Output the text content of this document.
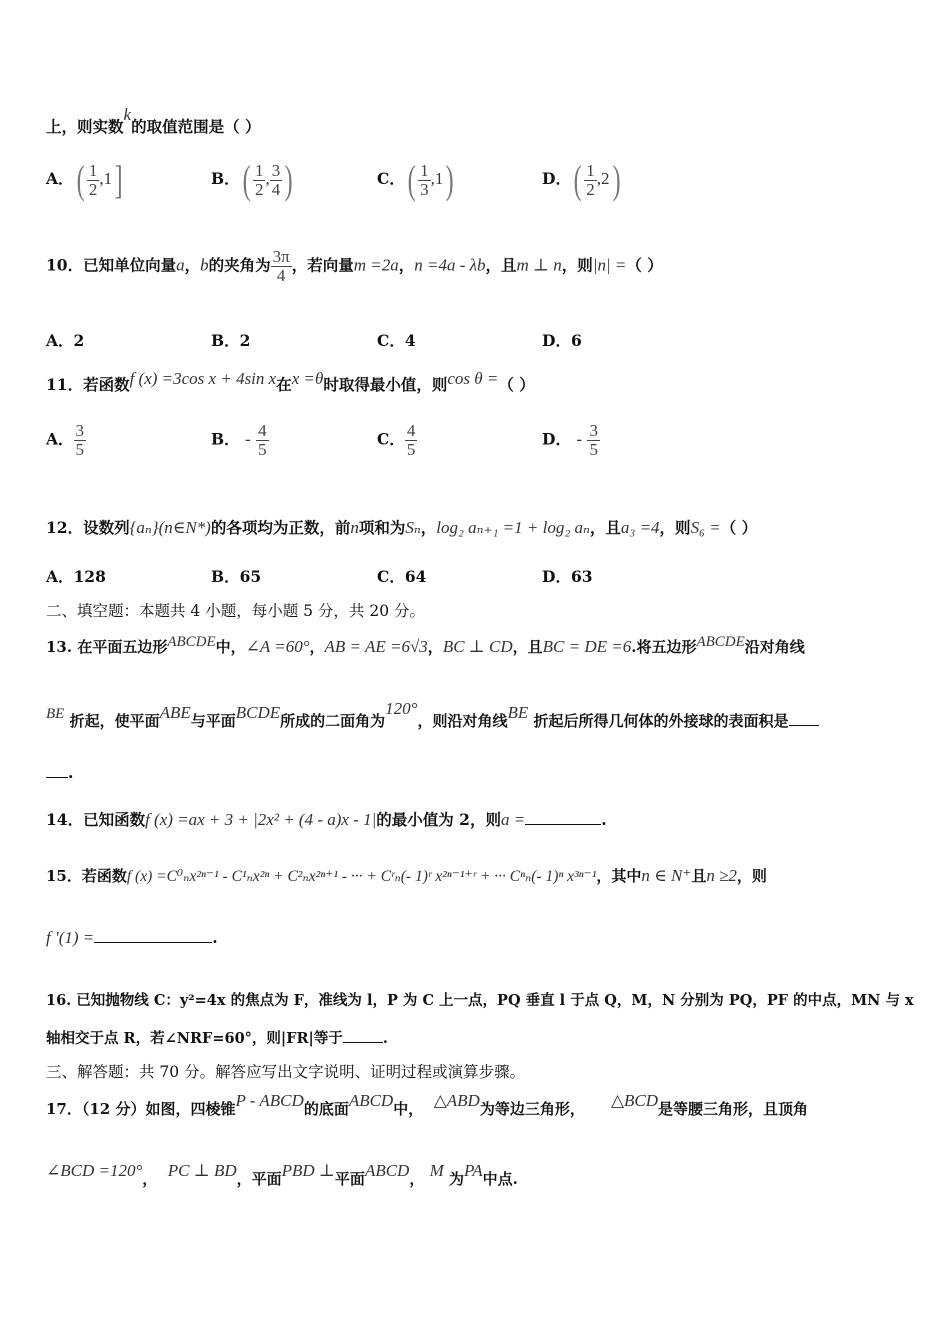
上，则实数k的取值范围是（ ）
A．( $\frac{1}{2} ,1$]	B．( $\frac{1}{2}$ , $\frac{3}{4}$ )	C．( $\frac{1}{3} ,1$)	D．( $\frac{1}{2} ,2$)
10．已知单位向量a，b的夹角为 $\frac{3\pi}{4}$ ，若向量m =2a，n =4a - λb，且m ⊥ n，则|n| =（ ）
A．2	B．2	C．4	D．6
11．若函数f (x) =3cos x + 4sin x在x =θ时取得最小值，则cos θ =（ ）
A． $\frac{3}{5}$	B． - $\frac{4}{5}$	C． $\frac{4}{5}$	D． - $\frac{3}{5}$
12．设数列{aₙ}(n∈N*)的各项均为正数，前n项和为Sₙ，log₂ aₙ₊₁ =1 + log₂ aₙ，且a₃ =4，则S₆ =（ ）
A．128	B．65	C．64	D．63
二、填空题：本题共 4 小题，每小题 5 分，共 20 分。
13. 在平面五边形ABCDE中，∠A =60°，AB = AE =6√3，BC ⊥ CD，且BC = DE =6.将五边形ABCDE沿对角线
BE 折起，使平面ABE与平面BCDE所成的二面角为120°，则沿对角线BE 折起后所得几何体的外接球的表面积是
.
14．已知函数f (x) =ax + 3 + |2x² + (4 - a)x - 1|的最小值为 2，则a =	.
15．若函数f (x) =C⁰ₙx²ⁿ⁻¹ - C¹ₙx²ⁿ + C²ₙx²ⁿ⁺¹ - ··· + Cʳₙ(- 1)ʳ x²ⁿ⁻¹⁺ʳ + ··· Cⁿₙ(- 1)ⁿ x³ⁿ⁻¹，其中n ∈ N⁺且n ≥2，则
f ′(1) =	.
16. 已知抛物线 C：y²=4x 的焦点为 F，准线为 l，P 为 C 上一点，PQ 垂直 l 于点 Q，M，N 分别为 PQ，PF 的中点，MN 与 x
轴相交于点 R，若∠NRF=60°，则|FR|等于	.
三、解答题：共 70 分。解答应写出文字说明、证明过程或演算步骤。
17．（12 分）如图，四棱锥P - ABCD的底面ABCD中， △ABD为等边三角形， △BCD是等腰三角形，且顶角
∠BCD =120°， PC ⊥ BD，平面PBD ⊥平面ABCD， M 为PA中点.
